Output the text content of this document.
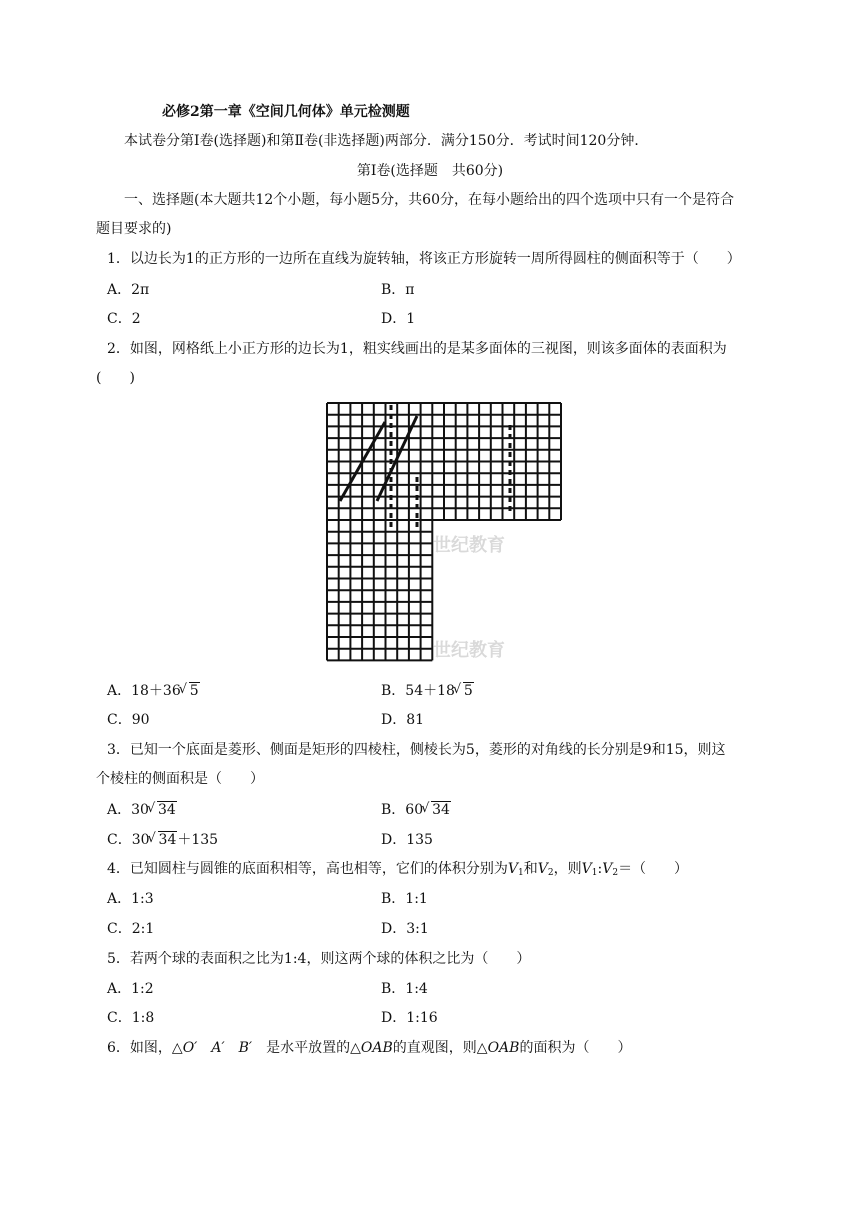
必修2第一章《空间几何体》单元检测题
本试卷分第Ⅰ卷(选择题)和第Ⅱ卷(非选择题)两部分．满分150分．考试时间120分钟．
第Ⅰ卷(选择题　共60分)
一、选择题(本大题共12个小题，每小题5分，共60分，在每小题给出的四个选项中只有一个是符合
题目要求的)
1．以边长为1的正方形的一边所在直线为旋转轴，将该正方形旋转一周所得圆柱的侧面积等于（　　）
A．2π	B．π
C．2	D．1
2．如图，网格纸上小正方形的边长为1，粗实线画出的是某多面体的三视图，则该多面体的表面积为
(　　)
世纪教育
世纪教育
A．18＋36 √ 5	B．54＋18 √ 5
C．90	D．81
3．已知一个底面是菱形、侧面是矩形的四棱柱，侧棱长为5，菱形的对角线的长分别是9和15，则这
个棱柱的侧面积是（　　）
A．30 √ 34	B．60 √ 34
C．30 √ 34＋135	D．135
4．已知圆柱与圆锥的底面积相等，高也相等，它们的体积分别为$V_1$和$V_2$，则$V_1:V_2=$（　　）
A．1:3	B．1:1
C．2:1	D．3:1
5．若两个球的表面积之比为1:4，则这两个球的体积之比为（　　）
A．1:2	B．1:4
C．1:8	D．1:16
6．如图，△O′　A′　B′　 是水平放置的△OAB的直观图，则△OAB的面积为（　　）
